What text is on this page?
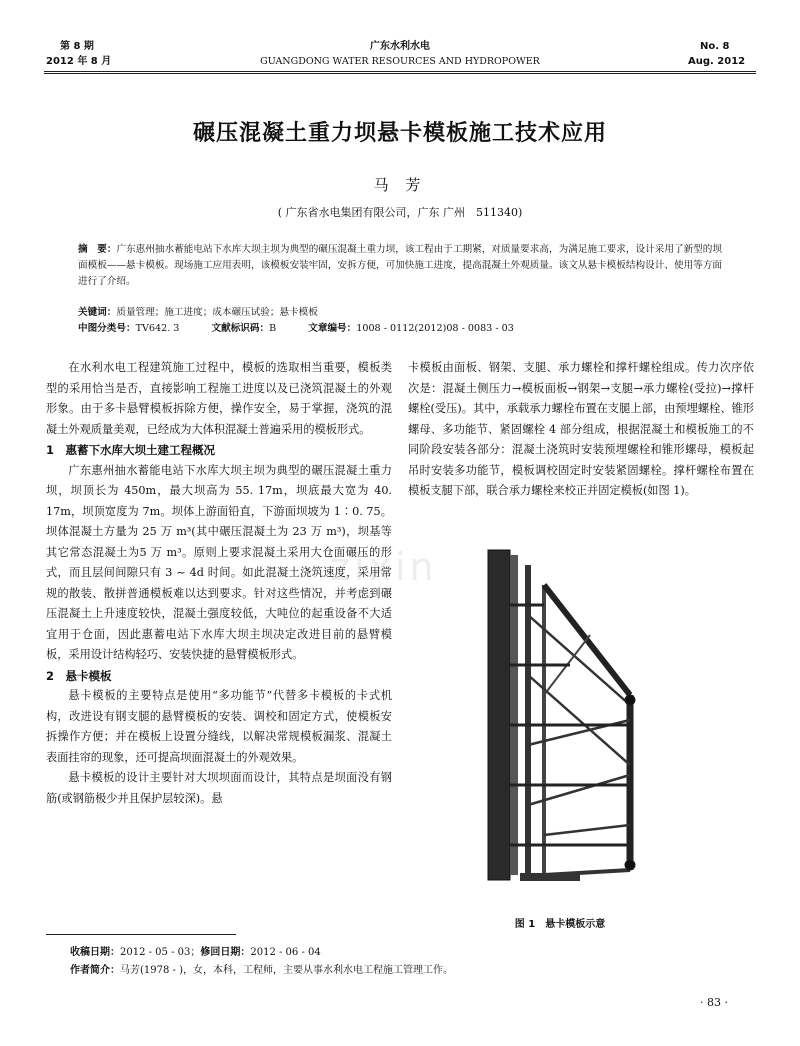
第 8 期
2012 年 8 月
广东水利水电
GUANGDONG WATER RESOURCES AND HYDROPOWER
No. 8
Aug. 2012
碾压混凝土重力坝悬卡模板施工技术应用
马 芳
( 广东省水电集团有限公司，广东 广州　511340)
摘　要：广东惠州抽水蓄能电站下水库大坝主坝为典型的碾压混凝土重力坝，该工程由于工期紧，对质量要求高，为满足施工要求，设计采用了新型的坝面模板——悬卡模板。现场施工应用表明，该模板安装牢固，安拆方便，可加快施工进度，提高混凝土外观质量。该文从悬卡模板结构设计、使用等方面进行了介绍。
关键词：质量管理；施工进度；成本碾压试验；悬卡模板
中图分类号：TV642. 3	文献标识码：B	文章编号：1008 - 0112(2012)08 - 0083 - 03
zixin

在水利水电工程建筑施工过程中，模板的选取相当重要，模板类型的采用恰当是否，直接影响工程施工进度以及已浇筑混凝土的外观形象。由于多卡悬臂模板拆除方便，操作安全，易于掌握，浇筑的混凝土外观质量美观，已经成为大体积混凝土普遍采用的模板形式。

1　惠蓄下水库大坝土建工程概况

广东惠州抽水蓄能电站下水库大坝主坝为典型的碾压混凝土重力坝，坝顶长为 450m，最大坝高为 55. 17m，坝底最大宽为 40. 17m，坝顶宽度为 7m。坝体上游面铅直，下游面坝坡为 1∶0. 75。坝体混凝土方量为 25 万 m³(其中碾压混凝土为 23 万 m³)，坝基等其它常态混凝土为5 万 m³。原则上要求混凝土采用大仓面碾压的形式，而且层间间隙只有 3 ~ 4d 时间。如此混凝土浇筑速度，采用常规的散装、散拼普通模板难以达到要求。针对这些情况，并考虑到碾压混凝土上升速度较快，混凝土强度较低，大吨位的起重设备不大适宜用于仓面，因此惠蓄电站下水库大坝主坝决定改进目前的悬臂模板，采用设计结构轻巧、安装快捷的悬臂模板形式。

2　悬卡模板

悬卡模板的主要特点是使用“多功能节”代替多卡模板的卡式机构，改进设有钢支腿的悬臂模板的安装、调校和固定方式，使模板安拆操作方便；并在模板上设置分缝线，以解决常规模板漏浆、混凝土表面挂帘的现象，还可提高坝面混凝土的外观效果。

悬卡模板的设计主要针对大坝坝面而设计，其特点是坝面没有钢筋(或钢筋极少并且保护层较深)。悬

卡模板由面板、钢架、支腿、承力螺栓和撑杆螺栓组成。传力次序依次是：混凝土侧压力→模板面板→钢架→支腿→承力螺栓(受拉)→撑杆螺栓(受压)。其中，承载承力螺栓布置在支腿上部，由预埋螺栓、锥形螺母、多功能节、紧固螺栓 4 部分组成，根据混凝土和模板施工的不同阶段安装各部分：混凝土浇筑时安装预埋螺栓和锥形螺母，模板起吊时安装多功能节，模板调校固定时安装紧固螺栓。撑杆螺栓布置在模板支腿下部，联合承力螺栓来校正并固定模板(如图 1)。

图 1　悬卡模板示意
收稿日期：2012 - 05 - 03；修回日期：2012 - 06 - 04
作者简介：马芳(1978 - )，女，本科，工程师，主要从事水利水电工程施工管理工作。
· 83 ·
